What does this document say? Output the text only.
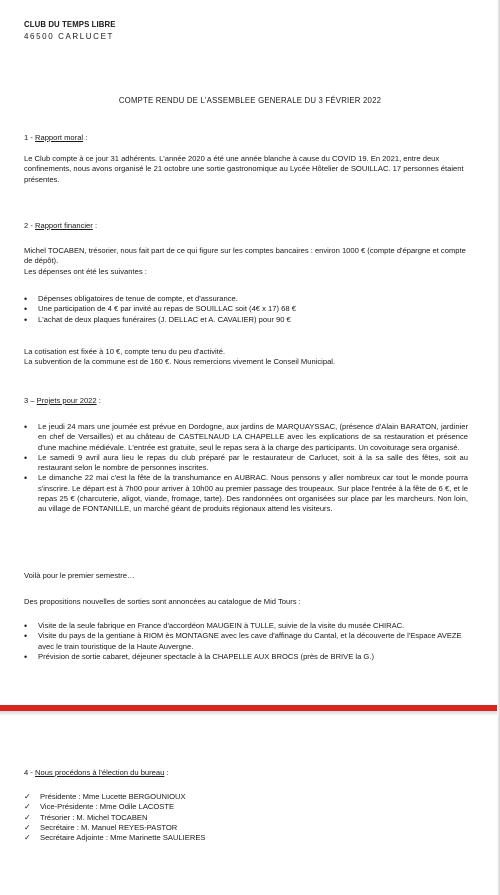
CLUB DU TEMPS LIBRE
46500 CARLUCET
COMPTE RENDU DE L'ASSEMBLEE GENERALE DU 3 FÉVRIER 2022
1 - Rapport moral :

Le Club compte à ce jour 31 adhérents. L'année 2020 a été une année blanche à cause du COVID 19. En 2021, entre deux confinements, nous avons organisé le 21 octobre une sortie gastronomique au Lycée Hôtelier de SOUILLAC. 17 personnes étaient présentes.

2 - Rapport financier :

Michel TOCABEN, trésorier, nous fait part de ce qui figure sur les comptes bancaires : environ 1000 € (compte d'épargne et compte de dépôt).

Les dépenses ont été les suivantes :

• Dépenses obligatoires de tenue de compte, et d'assurance.
• Une participation de 4 € par invité au repas de SOUILLAC soit (4€ x 17) 68 €
• L'achat de deux plaques funéraires (J. DELLAC et A. CAVALIER) pour 90 €

La cotisation est fixée à 10 €, compte tenu du peu d'activité.

La subvention de la commune est de 160 €. Nous remercions vivement le Conseil Municipal.

3 – Projets pour 2022 :
• Le jeudi 24 mars une journée est prévue en Dordogne, aux jardins de MARQUAYSSAC, (présence d'Alain BARATON, jardinier en chef de Versailles) et au château de CASTELNAUD LA CHAPELLE avec les explications de sa restauration et présence d'une machine médiévale. L'entrée est gratuite, seul le repas sera à la charge des participants. Un covoiturage sera organisé.
• Le samedi 9 avril aura lieu le repas du club préparé par le restaurateur de Carlucet, soit à la sa salle des fêtes, soit au restaurant selon le nombre de personnes inscrites.
• Le dimanche 22 mai c'est la fête de la transhumance en AUBRAC. Nous pensons y aller nombreux car tout le monde pourra s'inscrire. Le départ est à 7h00 pour arriver à 10h00 au premier passage des troupeaux. Sur place l'entrée à la fête de 6 €, et le repas 25 € (charcuterie, aligot, viande, fromage, tarte). Des randonnées ont organisées sur place par les marcheurs. Non loin, au village de FONTANILLE, un marché géant de produits régionaux attend les visiteurs.

Voilà pour le premier semestre…

Des propositions nouvelles de sorties sont annoncées au catalogue de Mid Tours :

• Visite de la seule fabrique en France d'accordéon MAUGEIN à TULLE, suivie de la visite du musée CHIRAC.
• Visite du pays de la gentiane à RIOM ès MONTAGNE avec les cave d'affinage du Cantal, et la découverte de l'Espace AVEZE avec le train touristique de la Haute Auvergne.
• Prévision de sortie cabaret, déjeuner spectacle à la CHAPELLE AUX BROCS (près de BRIVE la G.)
4 - Nous procédons à l'élection du bureau :
✓ Présidente : Mme Lucette BERGOUNIOUX
✓ Vice-Présidente : Mme Odile LACOSTE
✓ Trésorier : M. Michel TOCABEN
✓ Secrétaire : M. Manuel REYES-PASTOR
✓ Secrétaire Adjointe : Mme Marinette SAULIERES
